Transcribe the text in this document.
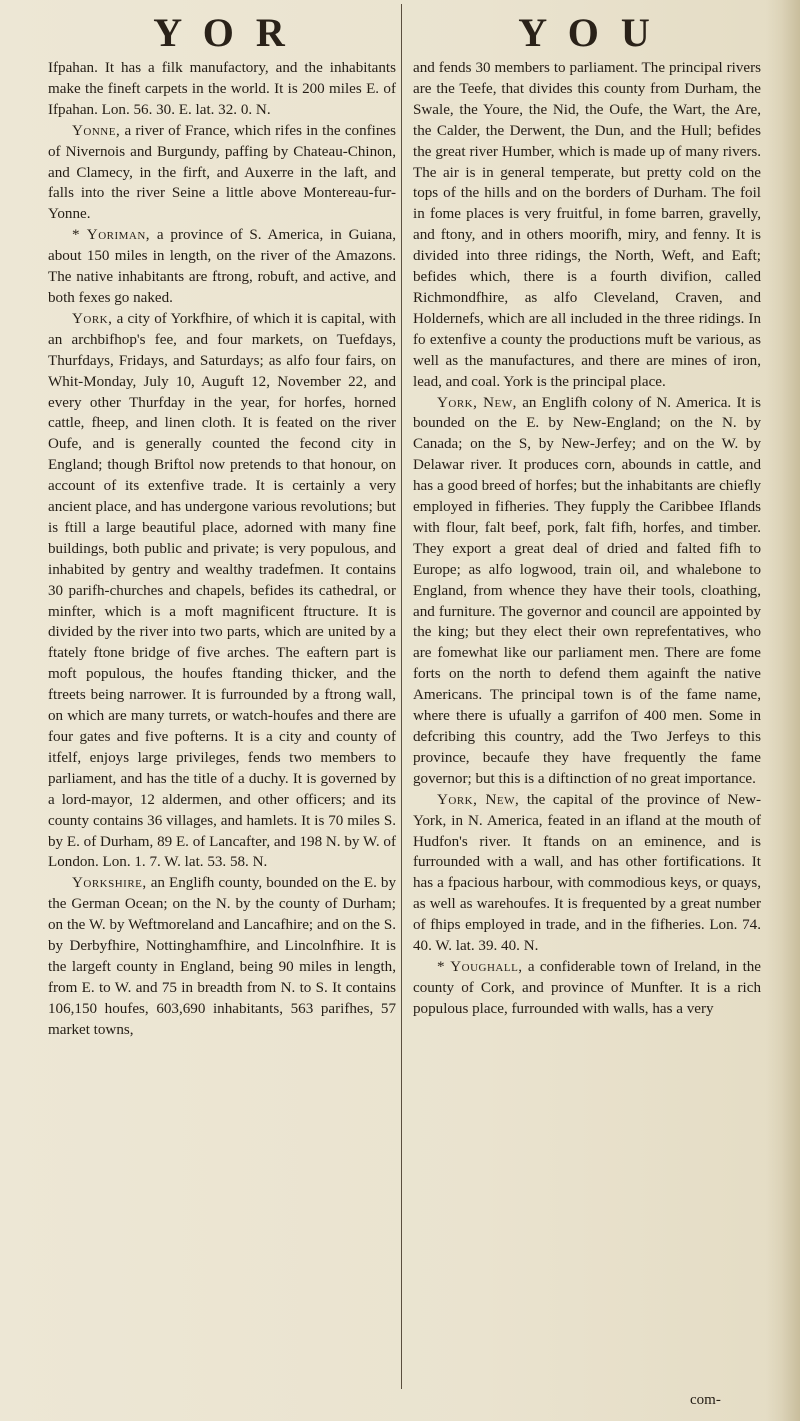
Y O R	Y O U

Ifpahan. It has a filk manufactory, and the inhabitants make the fineft carpets in the world. It is 200 miles E. of Ifpahan. Lon. 56. 30. E. lat. 32. 0. N.

Yonne, a river of France, which rifes in the confines of Nivernois and Burgundy, paffing by Chateau-Chinon, and Clamecy, in the firft, and Auxerre in the laft, and falls into the river Seine a little above Montereau-fur-Yonne.

* Yoriman, a province of S. America, in Guiana, about 150 miles in length, on the river of the Amazons. The native inhabitants are ftrong, robuft, and active, and both fexes go naked.

York, a city of Yorkfhire, of which it is capital, with an archbifhop's fee, and four markets, on Tuefdays, Thurfdays, Fridays, and Saturdays; as alfo four fairs, on Whit-Monday, July 10, Auguft 12, November 22, and every other Thurfday in the year, for horfes, horned cattle, fheep, and linen cloth. It is feated on the river Oufe, and is generally counted the fecond city in England; though Briftol now pretends to that honour, on account of its extenfive trade. It is certainly a very ancient place, and has undergone various revolutions; but is ftill a large beautiful place, adorned with many fine buildings, both public and private; is very populous, and inhabited by gentry and wealthy tradefmen. It contains 30 parifh-churches and chapels, befides its cathedral, or minfter, which is a moft magnificent ftructure. It is divided by the river into two parts, which are united by a ftately ftone bridge of five arches. The eaftern part is moft populous, the houfes ftanding thicker, and the ftreets being narrower. It is furrounded by a ftrong wall, on which are many turrets, or watch-houfes and there are four gates and five pofterns. It is a city and county of itfelf, enjoys large privileges, fends two members to parliament, and has the title of a duchy. It is governed by a lord-mayor, 12 aldermen, and other officers; and its county contains 36 villages, and hamlets. It is 70 miles S. by E. of Durham, 89 E. of Lancafter, and 198 N. by W. of London. Lon. 1. 7. W. lat. 53. 58. N.

Yorkshire, an Englifh county, bounded on the E. by the German Ocean; on the N. by the county of Durham; on the W. by Weftmoreland and Lancafhire; and on the S. by Derbyfhire, Nottinghamfhire, and Lincolnfhire. It is the largeft county in England, being 90 miles in length, from E. to W. and 75 in breadth from N. to S. It contains 106,150 houfes, 603,690 inhabitants, 563 parifhes, 57 market towns,

and fends 30 members to parliament. The principal rivers are the Teefe, that divides this county from Durham, the Swale, the Youre, the Nid, the Oufe, the Wart, the Are, the Calder, the Derwent, the Dun, and the Hull; befides the great river Humber, which is made up of many rivers. The air is in general temperate, but pretty cold on the tops of the hills and on the borders of Durham. The foil in fome places is very fruitful, in fome barren, gravelly, and ftony, and in others moorifh, miry, and fenny. It is divided into three ridings, the North, Weft, and Eaft; befides which, there is a fourth divifion, called Richmondfhire, as alfo Cleveland, Craven, and Holdernefs, which are all included in the three ridings. In fo extenfive a county the productions muft be various, as well as the manufactures, and there are mines of iron, lead, and coal. York is the principal place.

York, New, an Englifh colony of N. America. It is bounded on the E. by New-England; on the N. by Canada; on the S, by New-Jerfey; and on the W. by Delawar river. It produces corn, abounds in cattle, and has a good breed of horfes; but the inhabitants are chiefly employed in fifheries. They fupply the Caribbee Iflands with flour, falt beef, pork, falt fifh, horfes, and timber. They export a great deal of dried and falted fifh to Europe; as alfo logwood, train oil, and whalebone to England, from whence they have their tools, cloathing, and furniture. The governor and council are appointed by the king; but they elect their own reprefentatives, who are fomewhat like our parliament men. There are fome forts on the north to defend them againft the native Americans. The principal town is of the fame name, where there is ufually a garrifon of 400 men. Some in defcribing this country, add the Two Jerfeys to this province, becaufe they have frequently the fame governor; but this is a diftinction of no great importance.

York, New, the capital of the province of New-York, in N. America, feated in an ifland at the mouth of Hudfon's river. It ftands on an eminence, and is furrounded with a wall, and has other fortifications. It has a fpacious harbour, with commodious keys, or quays, as well as warehoufes. It is frequented by a great number of fhips employed in trade, and in the fifheries. Lon. 74. 40. W. lat. 39. 40. N.

* Youghall, a confiderable town of Ireland, in the county of Cork, and province of Munfter. It is a rich populous place, furrounded with walls, has a very

com-
